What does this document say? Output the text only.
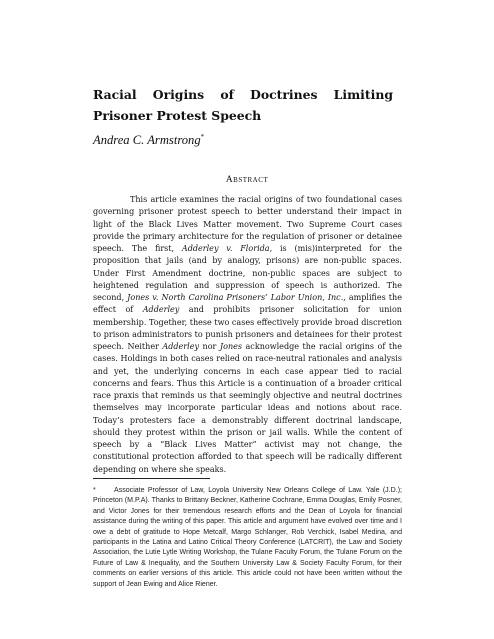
Racial Origins of Doctrines Limiting Prisoner Protest Speech

Andrea C. Armstrong*

Abstract

This article examines the racial origins of two foundational cases governing prisoner protest speech to better understand their impact in light of the Black Lives Matter movement. Two Supreme Court cases provide the primary architecture for the regulation of prisoner or detainee speech. The first, Adderley v. Florida, is (mis)interpreted for the proposition that jails (and by analogy, prisons) are non-public spaces. Under First Amendment doctrine, non-public spaces are subject to heightened regulation and suppression of speech is authorized. The second, Jones v. North Carolina Prisoners’ Labor Union, Inc., amplifies the effect of Adderley and prohibits prisoner solicitation for union membership. Together, these two cases effectively provide broad discretion to prison administrators to punish prisoners and detainees for their protest speech. Neither Adderley nor Jones acknowledge the racial origins of the cases. Holdings in both cases relied on race-neutral rationales and analysis and yet, the underlying concerns in each case appear tied to racial concerns and fears. Thus this Article is a continuation of a broader critical race praxis that reminds us that seemingly objective and neutral doctrines themselves may incorporate particular ideas and notions about race. Today’s protesters face a demonstrably different doctrinal landscape, should they protest within the prison or jail walls. While the content of speech by a “Black Lives Matter” activist may not change, the constitutional protection afforded to that speech will be radically different depending on where she speaks.

*	Associate Professor of Law, Loyola University New Orleans College of Law. Yale (J.D.); Princeton (M.P.A). Thanks to Brittany Beckner, Katherine Cochrane, Emma Douglas, Emily Posner, and Victor Jones for their tremendous research efforts and the Dean of Loyola for financial assistance during the writing of this paper. This article and argument have evolved over time and I owe a debt of gratitude to Hope Metcalf, Margo Schlanger, Rob Verchick, Isabel Medina, and participants in the Latina and Latino Critical Theory Conference (LATCRIT), the Law and Society Association, the Lutie Lytle Writing Workshop, the Tulane Faculty Forum, the Tulane Forum on the Future of Law & Inequality, and the Southern University Law & Society Faculty Forum, for their comments on earlier versions of this article. This article could not have been written without the support of Jean Ewing and Alice Riener.
